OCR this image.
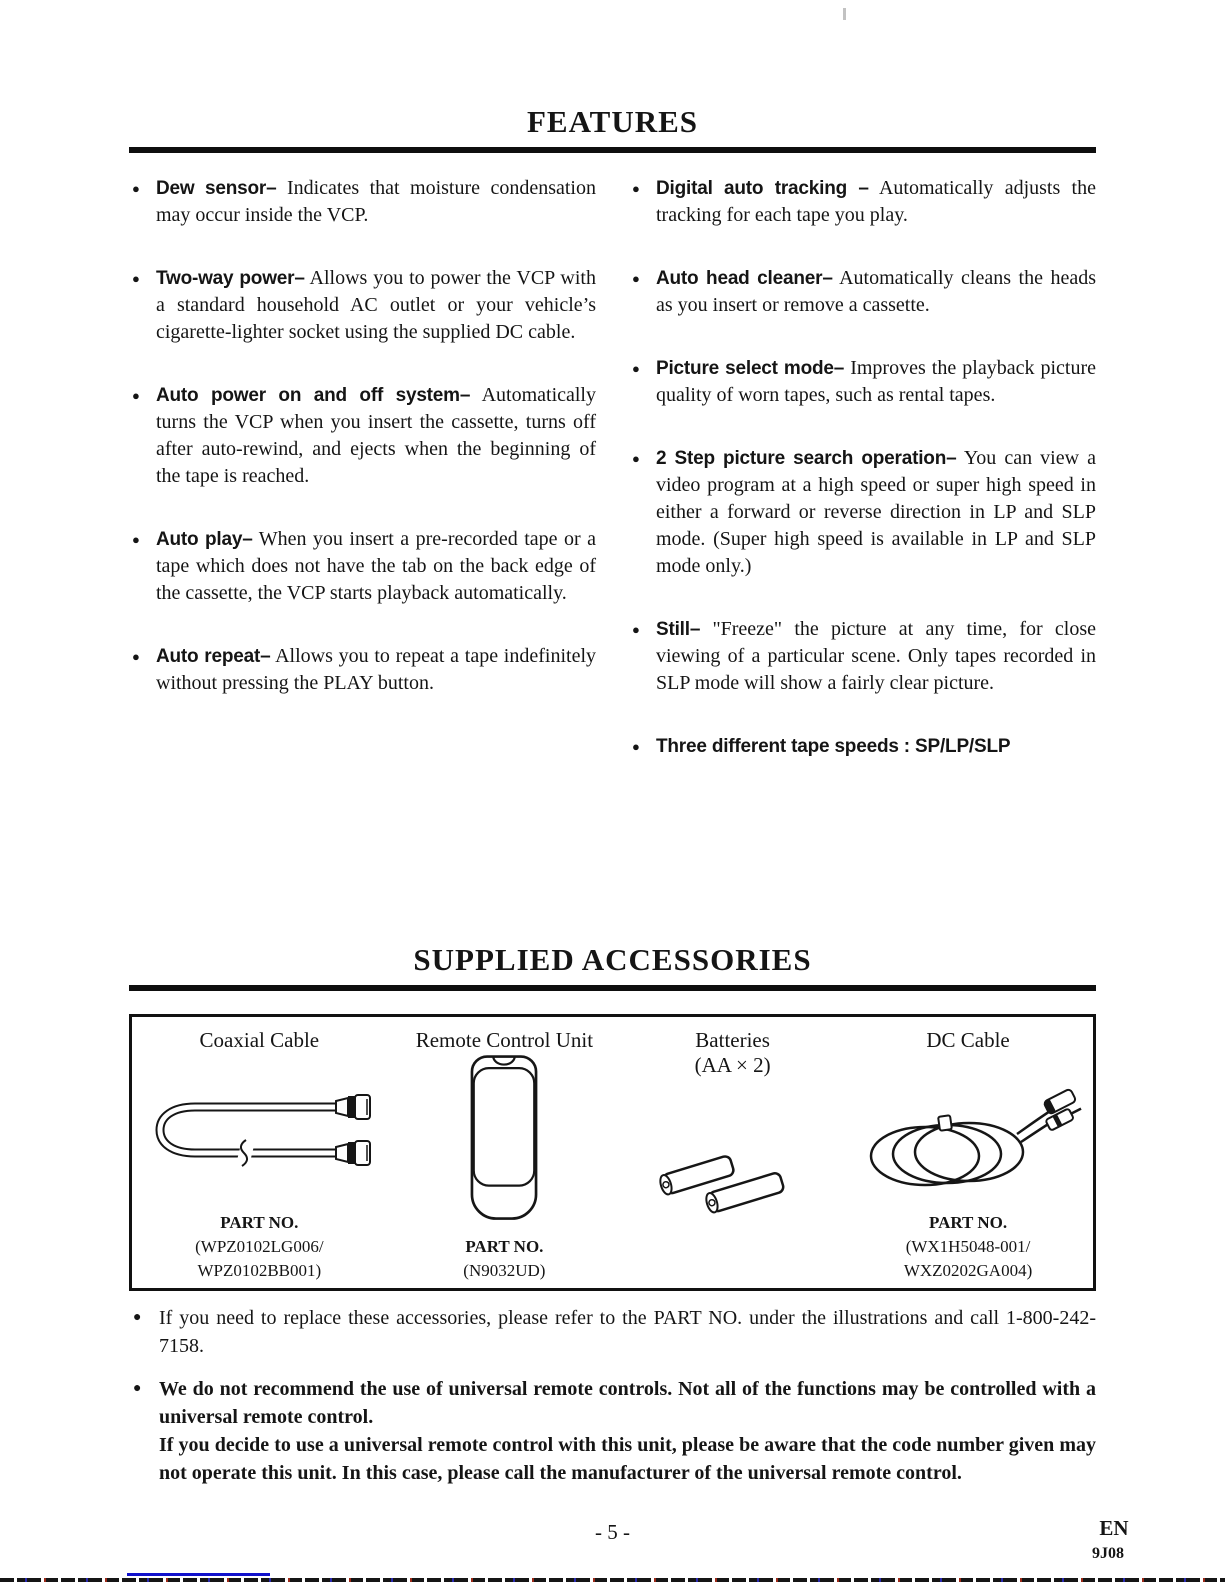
FEATURES

● Dew sensor– Indicates that moisture condensation may occur inside the VCP.

● Two-way power– Allows you to power the VCP with a standard household AC outlet or your vehicle’s cigarette-lighter socket using the supplied DC cable.

● Auto power on and off system– Automatically turns the VCP when you insert the cassette, turns off after auto-rewind, and ejects when the beginning of the tape is reached.

● Auto play– When you insert a pre-recorded tape or a tape which does not have the tab on the back edge of the cassette, the VCP starts playback automatically.

● Auto repeat– Allows you to repeat a tape indefinitely without pressing the PLAY button.

● Digital auto tracking – Automatically adjusts the tracking for each tape you play.

● Auto head cleaner– Automatically cleans the heads as you insert or remove a cassette.

● Picture select mode– Improves the playback picture quality of worn tapes, such as rental tapes.

● 2 Step picture search operation– You can view a video program at a high speed or super high speed in either a forward or reverse direction in LP and SLP mode. (Super high speed is available in LP and SLP mode only.)

● Still– "Freeze" the picture at any time, for close viewing of a particular scene. Only tapes recorded in SLP mode will show a fairly clear picture.

● Three different tape speeds : SP/LP/SLP

SUPPLIED ACCESSORIES
Coaxial Cable
PART NO.
(WPZ0102LG006/
WPZ0102BB001)
Remote Control Unit
PART NO.
(N9032UD)
Batteries
(AA × 2)
DC Cable
PART NO.
(WX1H5048-001/
WXZ0202GA004)

● If you need to replace these accessories, please refer to the PART NO. under the illustrations and call 1-800-242-7158.

● We do not recommend the use of universal remote controls. Not all of the functions may be controlled with a universal remote control.
If you decide to use a universal remote control with this unit, please be aware that the code number given may not operate this unit. In this case, please call the manufacturer of the universal remote control.

- 5 -	EN
9J08
